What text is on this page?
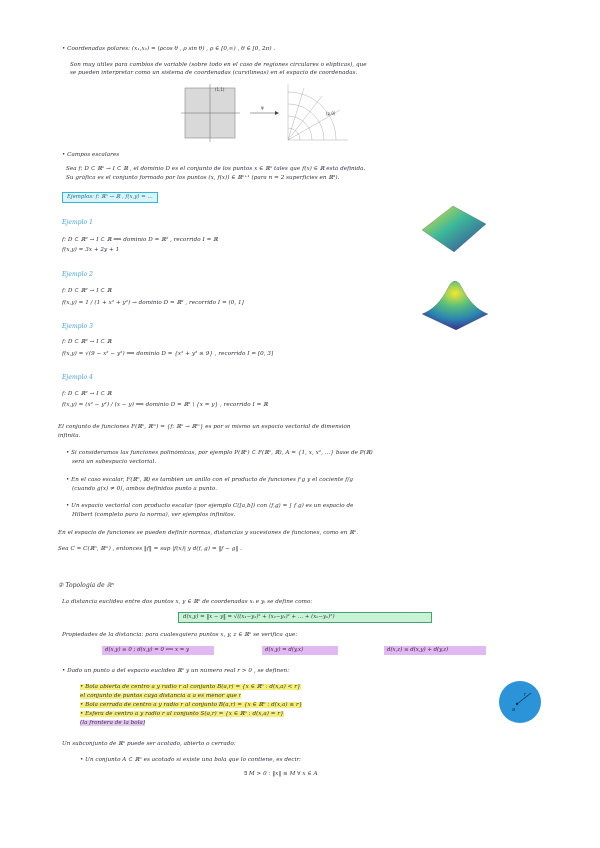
• Coordenadas polares: (x₁,x₂) = (ρcos θ , ρ sin θ) , ρ ∈ [0,∞) , θ ∈ [0, 2π) .
Son muy útiles para cambios de variable (sobre todo en el caso de regiones circulares o elípticas), que
se pueden interpretar como un sistema de coordenadas (curvilíneas) en el espacio de coordenadas.
(1,1)
φ
(ρ,θ)
• Campos escalares
Sea f: D ⊂ ℝⁿ → I ⊂ ℝ , el dominio D es el conjunto de los puntos x ∈ ℝⁿ tales que f(x) ∈ ℝ está definida.
Su gráfica es el conjunto formado por los puntos (x, f(x)) ∈ ℝⁿ⁺¹ (para n = 2 superficies en ℝ³).
Ejemplos: f: ℝⁿ → ℝ , f(x,y) = …
Ejemplo 1
f: D ⊂ ℝ² → I ⊂ ℝ ⟹ dominio D = ℝ² , recorrido I = ℝ
f(x,y) = 3x + 2y + 1
Ejemplo 2
f: D ⊂ ℝ² → I ⊂ ℝ
f(x,y) = 1 / (1 + x² + y²) → dominio D = ℝ² , recorrido I = (0, 1]
Ejemplo 3
f: D ⊂ ℝ² → I ⊂ ℝ
f(x,y) = √(9 − x² − y²) ⟹ dominio D = {x² + y² ≤ 9} , recorrido I = [0, 3]
Ejemplo 4
f: D ⊂ ℝ² → I ⊂ ℝ
f(x,y) = (x² − y²) / (x − y) ⟹ dominio D = ℝ² \ {x = y} , recorrido I = ℝ
El conjunto de funciones F(ℝⁿ, ℝᵐ) = {f: ℝⁿ → ℝᵐ} es por sí mismo un espacio vectorial de dimensión
infinita.
• Si consideramos las funciones polinómicas, por ejemplo P(ℝⁿ) ⊂ F(ℝⁿ, ℝ), A = {1, x, x², …} base de P(ℝ)
será un subespacio vectorial.
• En el caso escalar, F(ℝⁿ, ℝ) es también un anillo con el producto de funciones f·g y el cociente f/g
(cuando g(x) ≠ 0), ambos definidos punto a punto.
• Un espacio vectorial con producto escalar (por ejemplo C([a,b]) con ⟨f,g⟩ = ∫ f g) es un espacio de
Hilbert (completo para la norma), ver ejemplos infinitos.
En el espacio de funciones se pueden definir normas, distancias y sucesiones de funciones, como en ℝⁿ.
Sea C = C(ℝⁿ, ℝᵐ) , entonces ‖f‖ = sup |f(x)| y d(f, g) = ‖f − g‖ .
② Topología de ℝⁿ
La distancia euclídea entre dos puntos x, y ∈ ℝⁿ de coordenadas xᵢ e yᵢ se define como:
d(x,y) = ‖x − y‖ = √((x₁−y₁)² + (x₂−y₂)² + … + (xₙ−yₙ)²)
Propiedades de la distancia: para cualesquiera puntos x, y, z ∈ ℝⁿ se verifica que:
d(x,y) ≥ 0 ; d(x,y) = 0 ⟺ x = y	d(x,y) = d(y,x)	d(x,z) ≤ d(x,y) + d(y,z)
• Dado un punto a del espacio euclídeo ℝⁿ y un número real r > 0 , se definen:
• Bola abierta de centro a y radio r al conjunto B(a,r) = {x ∈ ℝⁿ : d(x,a) < r}
el conjunto de puntos cuya distancia a a es menor que r
• Bola cerrada de centro a y radio r al conjunto B̄(a,r) = {x ∈ ℝⁿ : d(x,a) ≤ r}
• Esfera de centro a y radio r al conjunto S(a,r) = {x ∈ ℝⁿ : d(x,a) = r}
(la frontera de la bola)
a
r
Un subconjunto de ℝⁿ puede ser acotado, abierto o cerrado:
• Un conjunto A ⊂ ℝⁿ es acotado si existe una bola que lo contiene, es decir:
∃ M > 0 : ‖x‖ ≤ M ∀ x ∈ A
